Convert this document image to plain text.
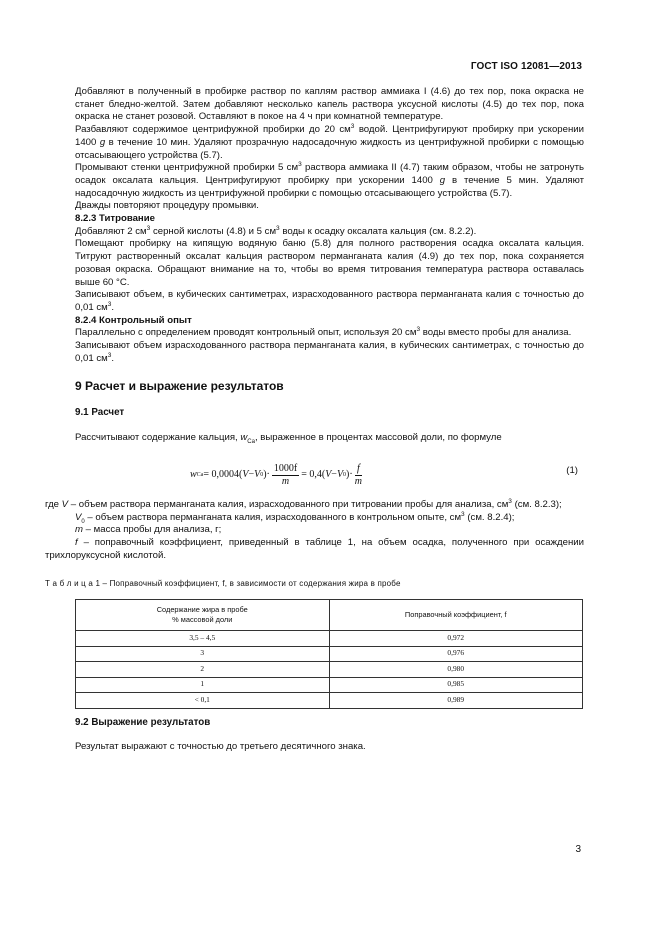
ГОСТ ISO 12081—2013

Добавляют в полученный в пробирке раствор по каплям раствор аммиака I (4.6) до тех пор, пока окраска не станет бледно-желтой. Затем добавляют несколько капель раствора уксусной кислоты (4.5) до тех пор, пока окраска не станет розовой. Оставляют в покое на 4 ч при комнатной температуре.

Разбавляют содержимое центрифужной пробирки до 20 $см^3$ водой. Центрифугируют пробирку при ускорении 1400 g в течение 10 мин. Удаляют прозрачную надосадочную жидкость из центрифужной пробирки с помощью отсасывающего устройства (5.7).

Промывают стенки центрифужной пробирки 5 $см^3$ раствора аммиака II (4.7) таким образом, чтобы не затронуть осадок оксалата кальция. Центрифугируют пробирку при ускорении 1400 g в течение 5 мин. Удаляют надосадочную жидкость из центрифужной пробирки с помощью отсасывающего устройства (5.7).

Дважды повторяют процедуру промывки.

8.2.3 Титрование

Добавляют 2 $см^3$ серной кислоты (4.8) и 5 $см^3$ воды к осадку оксалата кальция (см. 8.2.2).

Помещают пробирку на кипящую водяную баню (5.8) для полного растворения осадка оксалата кальция. Титруют растворенный оксалат кальция раствором перманганата калия (4.9) до тех пор, пока сохраняется розовая окраска. Обращают внимание на то, чтобы во время титрования температура раствора оставалась выше 60 °С.

Записывают объем, в кубических сантиметрах, израсходованного раствора перманганата калия с точностью до 0,01 $см^3$.

8.2.4 Контрольный опыт

Параллельно с определением проводят контрольный опыт, используя 20 $см^3$ воды вместо пробы для анализа.

Записывают объем израсходованного раствора перманганата калия, в кубических сантиметрах, с точностью до 0,01 $см^3$.

9 Расчет и выражение результатов

9.1 Расчет

Рассчитывают содержание кальция, $w_{Ca}$, выраженное в процентах массовой доли, по формуле

w Ca = 0,0004( V − V 0 )· $\frac{1000f}{m} = 0,4$( V − V 0 )· $\frac{f}{m}$	(1)

где V – объем раствора перманганата калия, израсходованного при титровании пробы для анализа, $см^3$ (см. 8.2.3);

$V_0$ – объем раствора перманганата калия, израсходованного в контрольном опыте, $см^3$ (см. 8.2.4);

m – масса пробы для анализа, г;

f – поправочный коэффициент, приведенный в таблице 1, на объем осадка, полученного при осаждении трихлоруксусной кислотой.

Т а б л и ц а 1 – Поправочный коэффициент, f, в зависимости от содержания жира в пробе

Содержание жира в пробе
% массовой доли	Поправочный коэффициент, f
3,5 – 4,5	0,972
3	0,976
2	0,980
1	0,985
< 0,1	0,989

9.2 Выражение результатов

Результат выражают с точностью до третьего десятичного знака.

3
